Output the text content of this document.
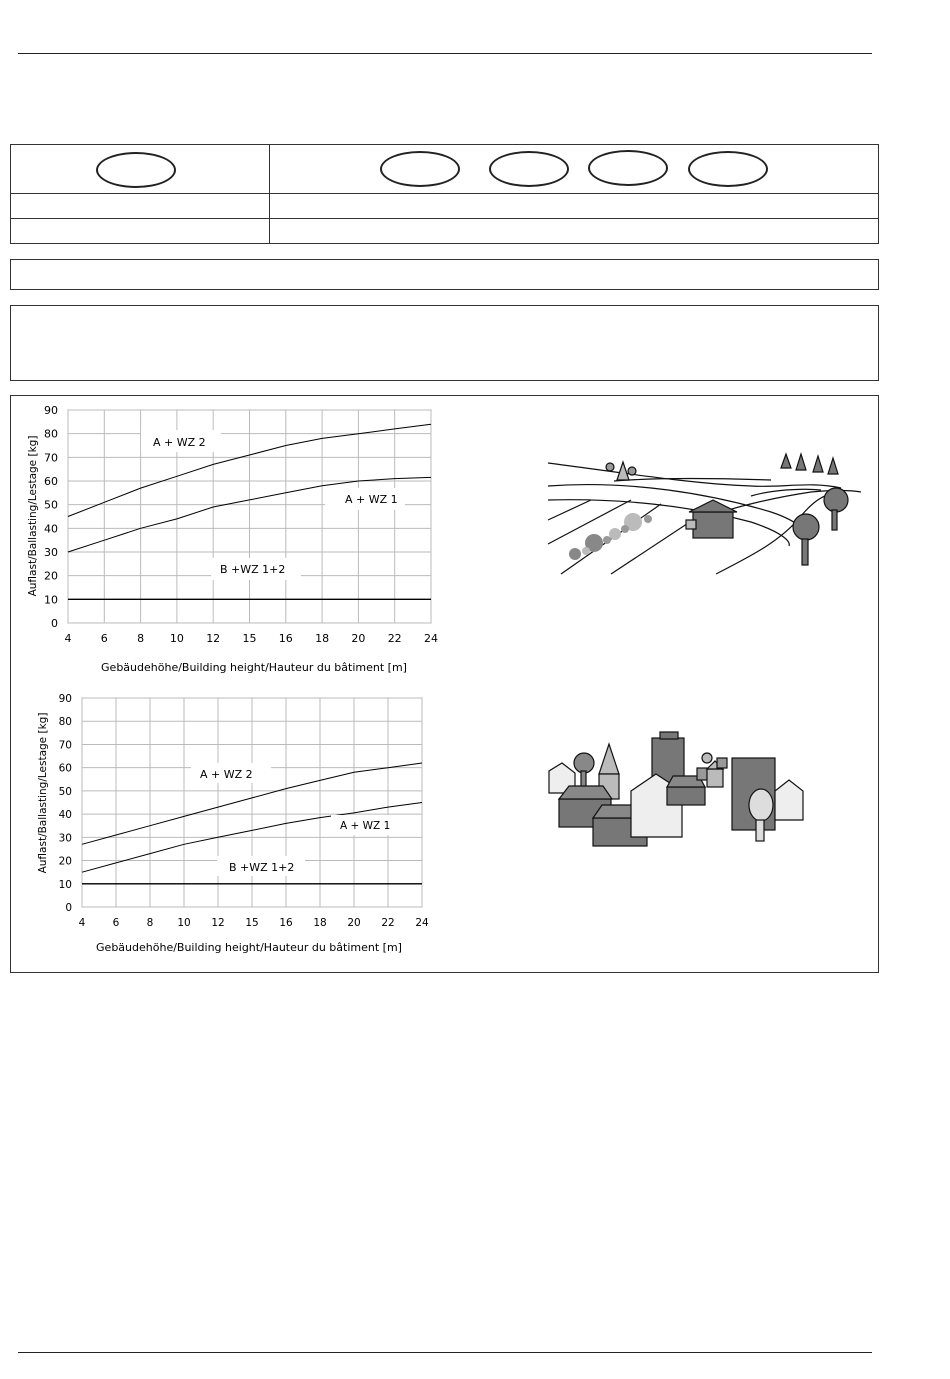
4	6	8 10 12 15 16 18 20 22 24
0
10
20
30
40
50
60
70
80
90
A + WZ 2
A + WZ 1
B +WZ 1+2
Auflast/Ballasting/Lestage [kg]
Gebäudehöhe/Building height/Hauteur du bâtiment [m]
4	6	8 10 12 15 16 18 20 22 24
0
10
20
30
40
50
60
70
80
90
A + WZ 2
A + WZ 1
B +WZ 1+2
Auflast/Ballasting/Lestage [kg]
Gebäudehöhe/Building height/Hauteur du bâtiment [m]
